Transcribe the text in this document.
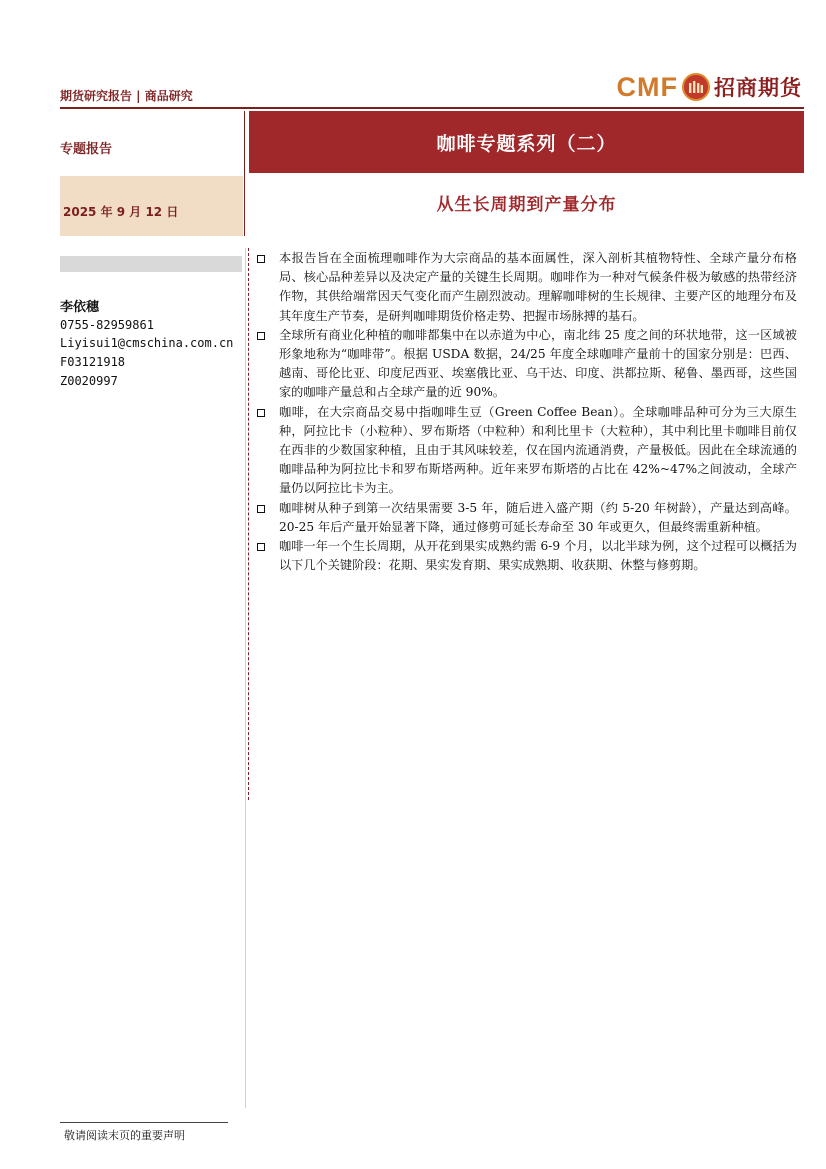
期货研究报告 | 商品研究	CMF 招商期货
专题报告	咖啡专题系列（二）
2025 年 9 月 12 日	从生长周期到产量分布
李依穗
0755-82959861
Liyisui1@cmschina.com.cn
F03121918
Z0020997
本报告旨在全面梳理咖啡作为大宗商品的基本面属性，深入剖析其植物特性、全球产量分布格局、核心品种差异以及决定产量的关键生长周期。咖啡作为一种对气候条件极为敏感的热带经济作物，其供给端常因天气变化而产生剧烈波动。理解咖啡树的生长规律、主要产区的地理分布及其年度生产节奏，是研判咖啡期货价格走势、把握市场脉搏的基石。
全球所有商业化种植的咖啡都集中在以赤道为中心，南北纬 25 度之间的环状地带，这一区域被形象地称为“咖啡带”。根据 USDA 数据，24/25 年度全球咖啡产量前十的国家分别是：巴西、越南、哥伦比亚、印度尼西亚、埃塞俄比亚、乌干达、印度、洪都拉斯、秘鲁、墨西哥，这些国家的咖啡产量总和占全球产量的近 90%。
咖啡，在大宗商品交易中指咖啡生豆（Green Coffee Bean）。全球咖啡品种可分为三大原生种，阿拉比卡（小粒种）、罗布斯塔（中粒种）和利比里卡（大粒种），其中利比里卡咖啡目前仅在西非的少数国家种植，且由于其风味较差，仅在国内流通消费，产量极低。因此在全球流通的咖啡品种为阿拉比卡和罗布斯塔两种。近年来罗布斯塔的占比在 42%~47%之间波动，全球产量仍以阿拉比卡为主。
咖啡树从种子到第一次结果需要 3-5 年，随后进入盛产期（约 5-20 年树龄），产量达到高峰。20-25 年后产量开始显著下降，通过修剪可延长寿命至 30 年或更久，但最终需重新种植。
咖啡一年一个生长周期，从开花到果实成熟约需 6-9 个月，以北半球为例，这个过程可以概括为以下几个关键阶段：花期、果实发育期、果实成熟期、收获期、休整与修剪期。
敬请阅读末页的重要声明
